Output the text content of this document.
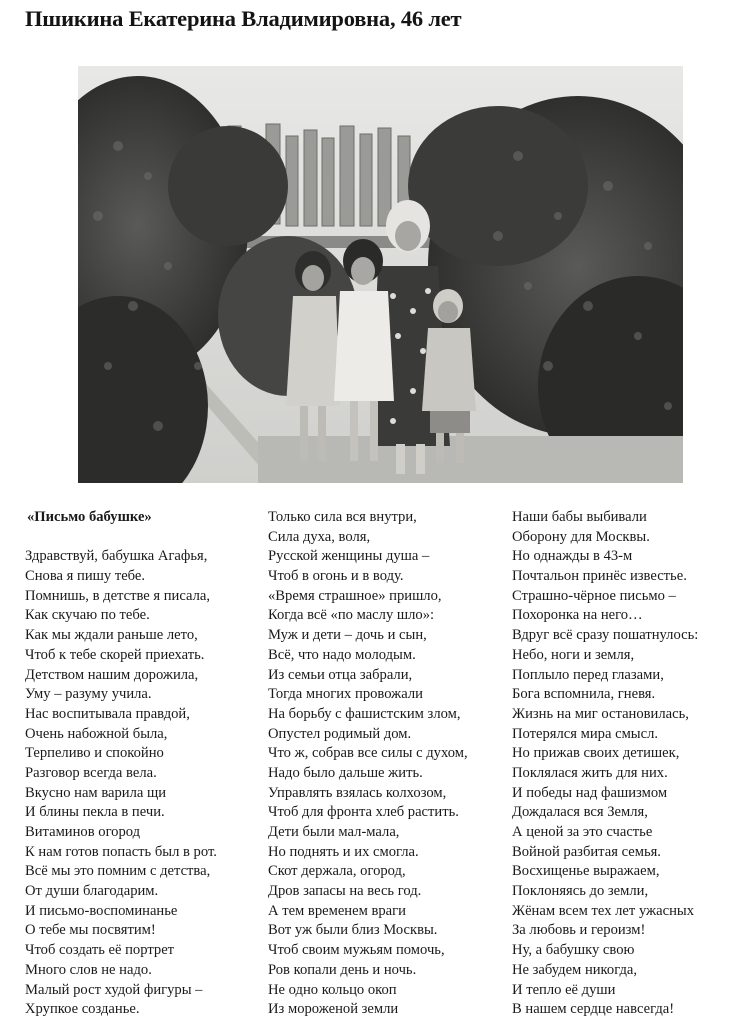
Пшикина Екатерина Владимировна, 46 лет
«Письмо бабушке»
Здравствуй, бабушка Агафья,
Снова я пишу тебе.
Помнишь, в детстве я писала,
Как скучаю по тебе.
Как мы ждали раньше лето,
Чтоб к тебе скорей приехать.
Детством нашим дорожила,
Уму – разуму учила.
Нас воспитывала правдой,
Очень набожной была,
Терпеливо и спокойно
Разговор всегда вела.
Вкусно нам варила щи
И блины пекла в печи.
Витаминов огород
К нам готов попасть был в рот.
Всё мы это помним с детства,
От души благодарим.
И письмо-воспоминанье
О тебе мы посвятим!
Чтоб создать её портрет
Много слов не надо.
Малый рост худой фигуры –
Хрупкое созданье.
Только сила вся внутри,
Сила духа, воля,
Русской женщины душа –
Чтоб в огонь и в воду.
«Время страшное» пришло,
Когда всё «по маслу шло»:
Муж и дети – дочь и сын,
Всё, что надо молодым.
Из семьи отца забрали,
Тогда многих провожали
На борьбу с фашистским злом,
Опустел родимый дом.
Что ж, собрав все силы с духом,
Надо было дальше жить.
Управлять взялась колхозом,
Чтоб для фронта хлеб растить.
Дети были мал-мала,
Но поднять и их смогла.
Скот держала, огород,
Дров запасы на весь год.
А тем временем враги
Вот уж были близ Москвы.
Чтоб своим мужьям помочь,
Ров копали день и ночь.
Не одно кольцо окоп
Из мороженой земли
Наши бабы выбивали
Оборону для Москвы.
Но однажды в 43-м
Почтальон принёс известье.
Страшно-чёрное письмо –
Похоронка на него…
Вдруг всё сразу пошатнулось:
Небо, ноги и земля,
Поплыло перед глазами,
Бога вспомнила, гневя.
Жизнь на миг остановилась,
Потерялся мира смысл.
Но прижав своих детишек,
Поклялася жить для них.
И победы над фашизмом
Дождалася вся Земля,
А ценой за это счастье
Войной разбитая семья.
Восхищенье выражаем,
Поклоняясь до земли,
Жёнам всем тех лет ужасных
За любовь и героизм!
Ну, а бабушку свою
Не забудем никогда,
И тепло её души
В нашем сердце навсегда!
